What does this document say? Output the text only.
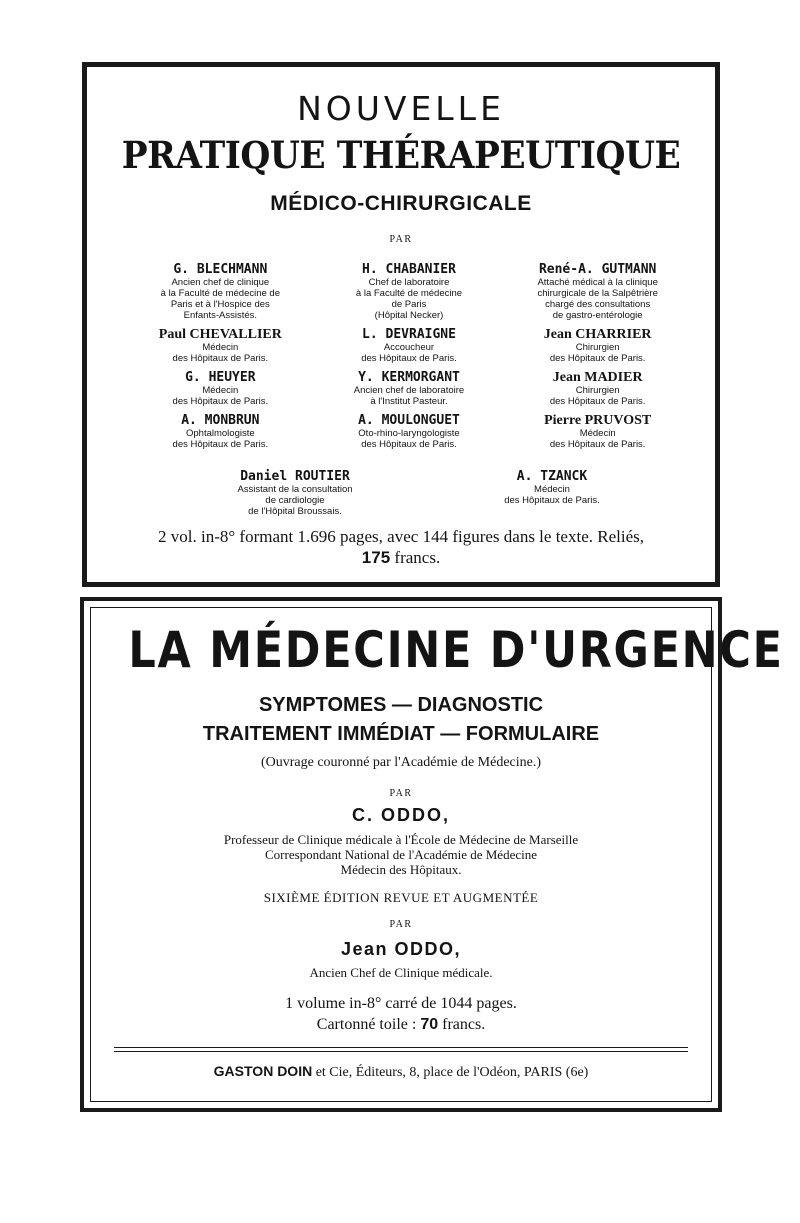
NOUVELLE
PRATIQUE THÉRAPEUTIQUE
MÉDICO-CHIRURGICALE
PAR
G. BLECHMANN
Ancien chef de clinique
à la Faculté de médecine de
Paris et à l'Hospice des
Enfants-Assistés.
H. CHABANIER
Chef de laboratoire
à la Faculté de médecine
de Paris
(Hôpital Necker)
René-A. GUTMANN
Attaché médical à la clinique
chirurgicale de la Salpêtrière
chargé des consultations
de gastro-entérologie
Paul CHEVALLIER
Médecin
des Hôpitaux de Paris.
L. DEVRAIGNE
Accoucheur
des Hôpitaux de Paris.
Jean CHARRIER
Chirurgien
des Hôpitaux de Paris.
G. HEUYER
Médecin
des Hôpitaux de Paris.
Y. KERMORGANT
Ancien chef de laboratoire
à l'Institut Pasteur.
Jean MADIER
Chirurgien
des Hôpitaux de Paris.
A. MONBRUN
Ophtalmologiste
des Hôpitaux de Paris.
A. MOULONGUET
Oto-rhino-laryngologiste
des Hôpitaux de Paris.
Pierre PRUVOST
Médecin
des Hôpitaux de Paris.
Daniel ROUTIER
Assistant de la consultation
de cardiologie
de l'Hôpital Broussais.
A. TZANCK
Médecin
des Hôpitaux de Paris.
2 vol. in-8° formant 1.696 pages, avec 144 figures dans le texte. Reliés, 175 francs.
LA MÉDECINE D'URGENCE
SYMPTOMES — DIAGNOSTIC
TRAITEMENT IMMÉDIAT — FORMULAIRE
(Ouvrage couronné par l'Académie de Médecine.)
PAR
C. ODDO,
Professeur de Clinique médicale à l'École de Médecine de Marseille
Correspondant National de l'Académie de Médecine
Médecin des Hôpitaux.
SIXIÈME ÉDITION REVUE ET AUGMENTÉE
PAR
Jean ODDO,
Ancien Chef de Clinique médicale.
1 volume in-8° carré de 1044 pages.
Cartonné toile : 70 francs.
GASTON DOIN et Cie, Éditeurs, 8, place de l'Odéon, PARIS (6e)
